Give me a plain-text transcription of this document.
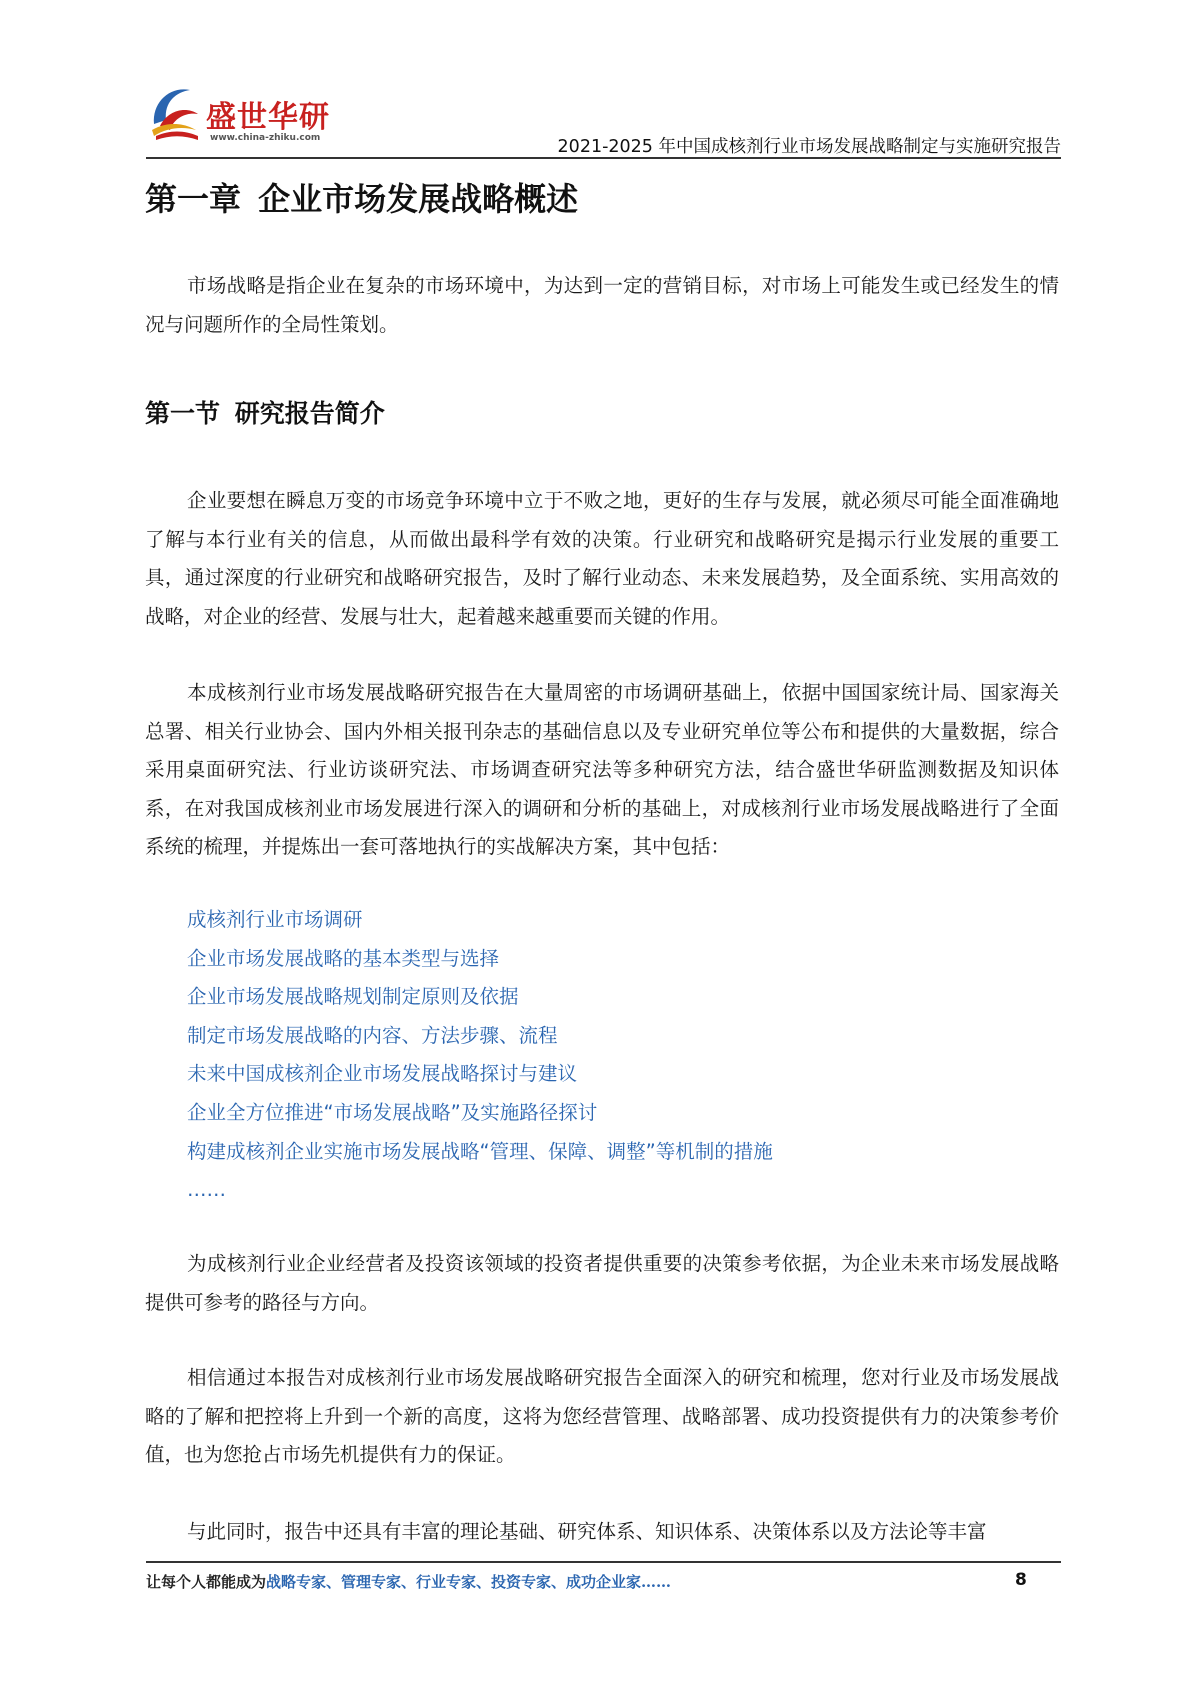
盛世华研
www.china-zhiku.com	2021-2025 年中国成核剂行业市场发展战略制定与实施研究报告
第一章 企业市场发展战略概述

市场战略是指企业在复杂的市场环境中，为达到一定的营销目标，对市场上可能发生或已经发生的情况与问题所作的全局性策划。

第一节 研究报告简介

企业要想在瞬息万变的市场竞争环境中立于不败之地，更好的生存与发展，就必须尽可能全面准确地了解与本行业有关的信息，从而做出最科学有效的决策。行业研究和战略研究是揭示行业发展的重要工具，通过深度的行业研究和战略研究报告，及时了解行业动态、未来发展趋势，及全面系统、实用高效的战略，对企业的经营、发展与壮大，起着越来越重要而关键的作用。

本成核剂行业市场发展战略研究报告在大量周密的市场调研基础上，依据中国国家统计局、国家海关总署、相关行业协会、国内外相关报刊杂志的基础信息以及专业研究单位等公布和提供的大量数据，综合采用桌面研究法、行业访谈研究法、市场调查研究法等多种研究方法，结合盛世华研监测数据及知识体系，在对我国成核剂业市场发展进行深入的调研和分析的基础上，对成核剂行业市场发展战略进行了全面系统的梳理，并提炼出一套可落地执行的实战解决方案，其中包括：

成核剂行业市场调研
企业市场发展战略的基本类型与选择
企业市场发展战略规划制定原则及依据
制定市场发展战略的内容、方法步骤、流程
未来中国成核剂企业市场发展战略探讨与建议
企业全方位推进“市场发展战略”及实施路径探讨
构建成核剂企业实施市场发展战略“管理、保障、调整”等机制的措施
……

为成核剂行业企业经营者及投资该领域的投资者提供重要的决策参考依据，为企业未来市场发展战略提供可参考的路径与方向。

相信通过本报告对成核剂行业市场发展战略研究报告全面深入的研究和梳理，您对行业及市场发展战略的了解和把控将上升到一个新的高度，这将为您经营管理、战略部署、成功投资提供有力的决策参考价值，也为您抢占市场先机提供有力的保证。

与此同时，报告中还具有丰富的理论基础、研究体系、知识体系、决策体系以及方法论等丰富

让每个人都能成为战略专家、管理专家、行业专家、投资专家、成功企业家……	8
